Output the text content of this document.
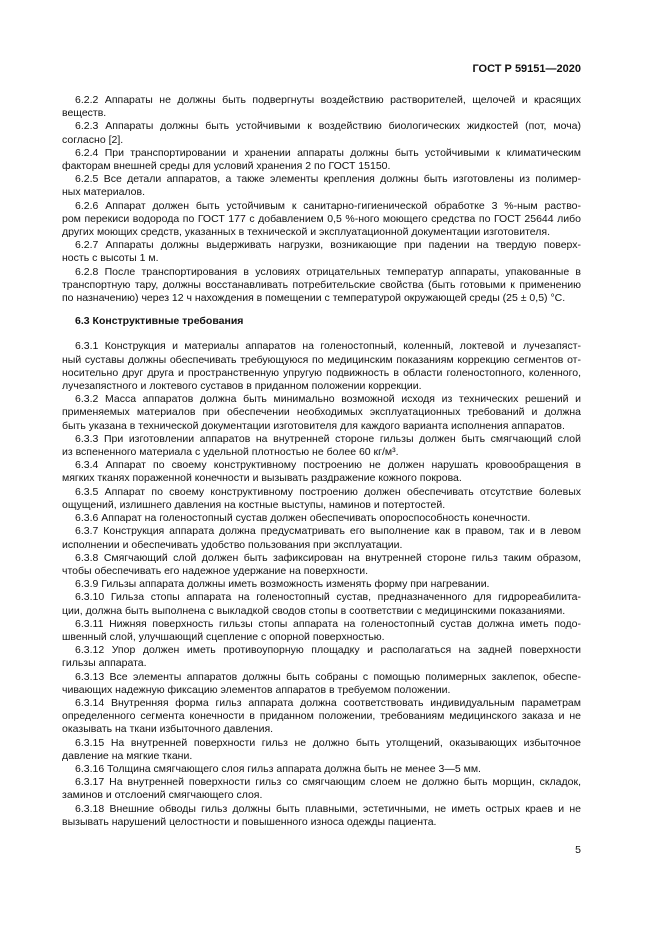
ГОСТ Р 59151—2020
6.2.2 Аппараты не должны быть подвергнуты воздействию растворителей, щелочей и красящих
веществ.
6.2.3 Аппараты должны быть устойчивыми к воздействию биологических жидкостей (пот, моча)
согласно [2].
6.2.4 При транспортировании и хранении аппараты должны быть устойчивыми к климатическим
факторам внешней среды для условий хранения 2 по ГОСТ 15150.
6.2.5 Все детали аппаратов, а также элементы крепления должны быть изготовлены из полимер-
ных материалов.
6.2.6 Аппарат должен быть устойчивым к санитарно-гигиенической обработке 3 %-ным раство-
ром перекиси водорода по ГОСТ 177 с добавлением 0,5 %-ного моющего средства по ГОСТ 25644 либо
других моющих средств, указанных в технической и эксплуатационной документации изготовителя.
6.2.7 Аппараты должны выдерживать нагрузки, возникающие при падении на твердую поверх-
ность с высоты 1 м.
6.2.8 После транспортирования в условиях отрицательных температур аппараты, упакованные в
транспортную тару, должны восстанавливать потребительские свойства (быть готовыми к применению
по назначению) через 12 ч нахождения в помещении с температурой окружающей среды (25 ± 0,5) °C.
6.3 Конструктивные требования
6.3.1 Конструкция и материалы аппаратов на голеностопный, коленный, локтевой и лучезапяст-
ный суставы должны обеспечивать требующуюся по медицинским показаниям коррекцию сегментов от-
носительно друг друга и пространственную упругую подвижность в области голеностопного, коленного,
лучезапястного и локтевого суставов в приданном положении коррекции.
6.3.2 Масса аппаратов должна быть минимально возможной исходя из технических решений и
применяемых материалов при обеспечении необходимых эксплуатационных требований и должна
быть указана в технической документации изготовителя для каждого варианта исполнения аппаратов.
6.3.3 При изготовлении аппаратов на внутренней стороне гильзы должен быть смягчающий слой
из вспененного материала с удельной плотностью не более 60 кг/м³.
6.3.4 Аппарат по своему конструктивному построению не должен нарушать кровообращения в
мягких тканях пораженной конечности и вызывать раздражение кожного покрова.
6.3.5 Аппарат по своему конструктивному построению должен обеспечивать отсутствие болевых
ощущений, излишнего давления на костные выступы, наминов и потертостей.
6.3.6 Аппарат на голеностопный сустав должен обеспечивать опороспособность конечности.
6.3.7 Конструкция аппарата должна предусматривать его выполнение как в правом, так и в левом
исполнении и обеспечивать удобство пользования при эксплуатации.
6.3.8 Смягчающий слой должен быть зафиксирован на внутренней стороне гильз таким образом,
чтобы обеспечивать его надежное удержание на поверхности.
6.3.9 Гильзы аппарата должны иметь возможность изменять форму при нагревании.
6.3.10 Гильза стопы аппарата на голеностопный сустав, предназначенного для гидрореабилита-
ции, должна быть выполнена с выкладкой сводов стопы в соответствии с медицинскими показаниями.
6.3.11 Нижняя поверхность гильзы стопы аппарата на голеностопный сустав должна иметь подо-
швенный слой, улучшающий сцепление с опорной поверхностью.
6.3.12 Упор должен иметь противоупорную площадку и располагаться на задней поверхности
гильзы аппарата.
6.3.13 Все элементы аппаратов должны быть собраны с помощью полимерных заклепок, обеспе-
чивающих надежную фиксацию элементов аппаратов в требуемом положении.
6.3.14 Внутренняя форма гильз аппарата должна соответствовать индивидуальным параметрам
определенного сегмента конечности в приданном положении, требованиям медицинского заказа и не
оказывать на ткани избыточного давления.
6.3.15 На внутренней поверхности гильз не должно быть утолщений, оказывающих избыточное
давление на мягкие ткани.
6.3.16 Толщина смягчающего слоя гильз аппарата должна быть не менее 3—5 мм.
6.3.17 На внутренней поверхности гильз со смягчающим слоем не должно быть морщин, складок,
заминов и отслоений смягчающего слоя.
6.3.18 Внешние обводы гильз должны быть плавными, эстетичными, не иметь острых краев и не
вызывать нарушений целостности и повышенного износа одежды пациента.
5
